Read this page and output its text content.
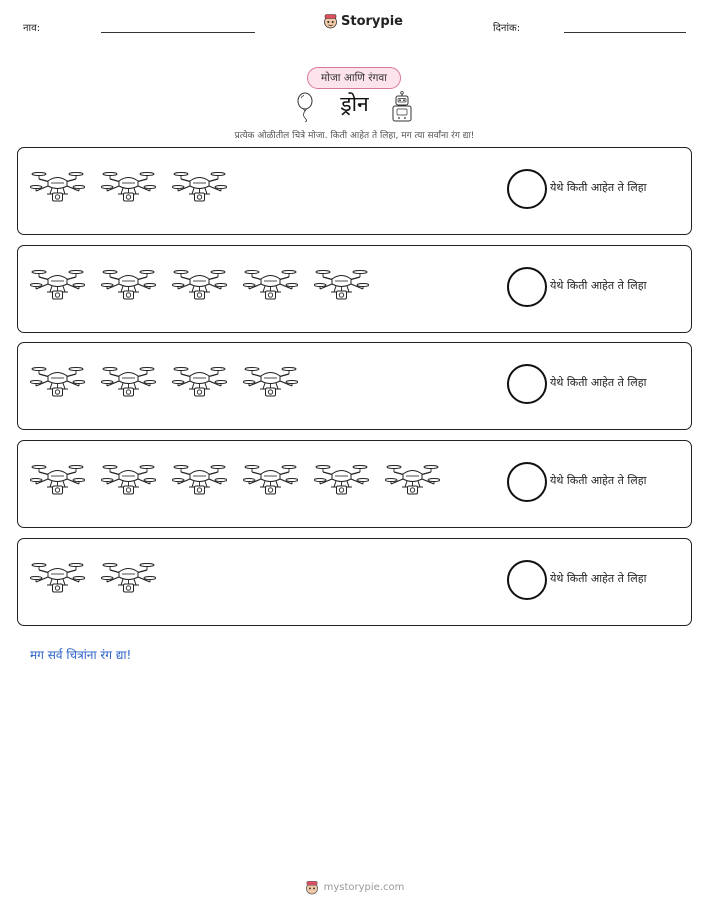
नाव:	Storypie	दिनांक:
मोजा आणि रंगवा
ड्रोन
प्रत्येक ओळीतील चित्रे मोजा. किती आहेत ते लिहा, मग त्या सर्वांना रंग द्या!
येथे किती आहेत ते लिहा
येथे किती आहेत ते लिहा
येथे किती आहेत ते लिहा
येथे किती आहेत ते लिहा
येथे किती आहेत ते लिहा
मग सर्व चित्रांना रंग द्या!
mystorypie.com
